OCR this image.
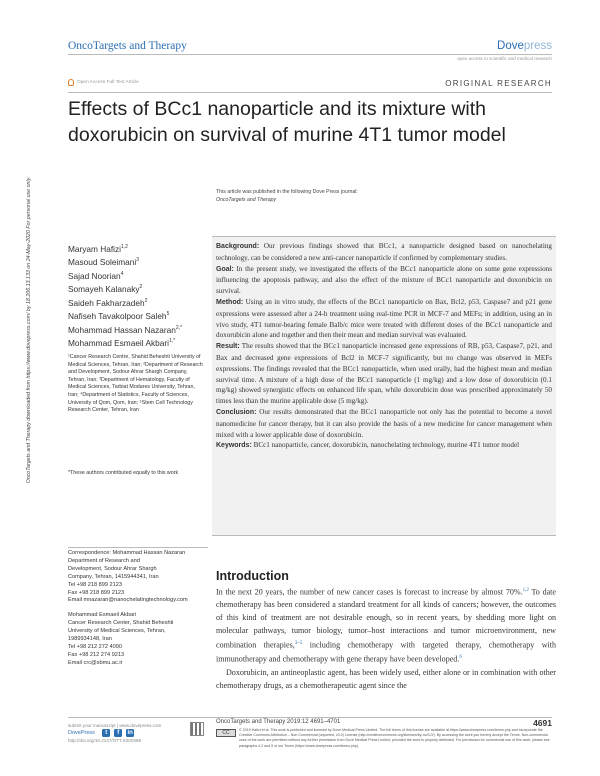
OncoTargets and Therapy	Dovepress
open access to scientific and medical research
Open Access Full Text Article	ORIGINAL RESEARCH
Effects of BCc1 nanoparticle and its mixture with doxorubicin on survival of murine 4T1 tumor model
This article was published in the following Dove Press journal:
OncoTargets and Therapy
OncoTargets and Therapy downloaded from https://www.dovepress.com/ by 18.206.13.133 on 24-May-2020 For personal use only.	Maryam Hafizi$^{1,2}$
Masoud Soleimani$^3$
Sajad Noorian$^4$
Somayeh Kalanaky$^2$
Saideh Fakharzadeh$^2$
Nafiseh Tavakolpoor Saleh$^5$
Mohammad Hassan Nazaran$^{2,*}$
Mohammad Esmaeil Akbari$^{1,*}$
¹Cancer Research Centre, Shahid Beheshti University of Medical Sciences, Tehran, Iran; ²Department of Research and Development, Sodour Ahrar Shargh Company, Tehran, Iran; ³Department of Hematology, Faculty of Medical Sciences, Tarbiat Modares University, Tehran, Iran; ⁴Department of Statistics, Faculty of Sciences, University of Qom, Qom, Iran; ⁵Stem Cell Technology Research Center, Tehran, Iran
*These authors contributed equally to this work

Background: Our previous findings showed that BCc1, a nanoparticle designed based on nanochelating technology, can be considered a new anti-cancer nanoparticle if confirmed by complementary studies.

Goal: In the present study, we investigated the effects of the BCc1 nanoparticle alone on some gene expressions influencing the apoptosis pathway, and also the effect of the mixture of BCc1 nanoparticle and doxorubicin on survival.

Method: Using an in vitro study, the effects of the BCc1 nanoparticle on Bax, Bcl2, p53, Caspase7 and p21 gene expressions were assessed after a 24-h treatment using real-time PCR in MCF-7 and MEFs; in addition, using an in vivo study, 4T1 tumor-bearing female Balb/c mice were treated with different doses of the BCc1 nanoparticle and doxorubicin alone and together and then their mean and median survival was evaluated.

Result: The results showed that the BCc1 nanoparticle increased gene expressions of RB, p53, Caspase7, p21, and Bax and decreased gene expressions of Bcl2 in MCF-7 significantly, but no change was observed in MEFs expressions. The findings revealed that the BCc1 nanoparticle, when used orally, had the highest mean and median survival time. A mixture of a high dose of the BCc1 nanoparticle (1 mg/kg) and a low dose of doxorubicin (0.1 mg/kg) showed synergistic effects on enhanced life span, while doxorubicin dose was prescribed approximately 50 times less than the murine applicable dose (5 mg/kg).

Conclusion: Our results demonstrated that the BCc1 nanoparticle not only has the potential to become a novel nanomedicine for cancer therapy, but it can also provide the basis of a new medicine for cancer management when mixed with a lower applicable dose of doxorubicin.

Keywords: BCc1 nanoparticle, cancer, doxorubicin, nanochelating technology, murine 4T1 tumor model

Correspondence: Mohammad Hassan Nazaran
Department of Research and
Development, Sodour Ahrar Shargh
Company, Tehran, 1415944341, Iran
Tel +98 218 899 2123
Fax +98 218 899 2123
Email mnazaran@nanochelatingtechnology.com
Mohammad Esmaeil Akbari
Cancer Research Center, Shahid Beheshti
University of Medical Sciences, Tehran,
1989934148, Iran
Tel +98 212 272 4090
Fax +98 212 274 9213
Email crc@sbmu.ac.ir
Introduction

In the next 20 years, the number of new cancer cases is forecast to increase by almost 70%.$^{1,2}$ To date chemotherapy has been considered a standard treatment for all kinds of cancers; however, the outcomes of this kind of treatment are not desirable enough, so in recent years, by shedding more light on molecular pathways, tumor biology, tumor–host interactions and tumor microenvironment, new combination therapies,$^{3-5}$ including chemotherapy with targeted therapy, chemotherapy with immunotherapy and chemotherapy with gene therapy have been developed.$^6$

Doxorubicin, an antineoplastic agent, has been widely used, either alone or in combination with other chemotherapy drugs, as a chemotherapeutic agent since the

submit your manuscript | www.dovepress.com
DovePress	t	f	in
http://doi.org/10.2147/OTT.S200388
OncoTargets and Therapy 2019:12 4691–4701	4691
CC	© 2019 Hafizi et al. This work is published and licensed by Dove Medical Press Limited. The full terms of this license are available at https://www.dovepress.com/terms.php and incorporate the Creative Commons Attribution – Non Commercial (unported, v3.0) License (http://creativecommons.org/licenses/by-nc/3.0/). By accessing the work you hereby accept the Terms. Non-commercial uses of the work are permitted without any further permission from Dove Medical Press Limited, provided the work is properly attributed. For permission for commercial use of this work, please see paragraphs 4.2 and 5 of our Terms (https://www.dovepress.com/terms.php).
